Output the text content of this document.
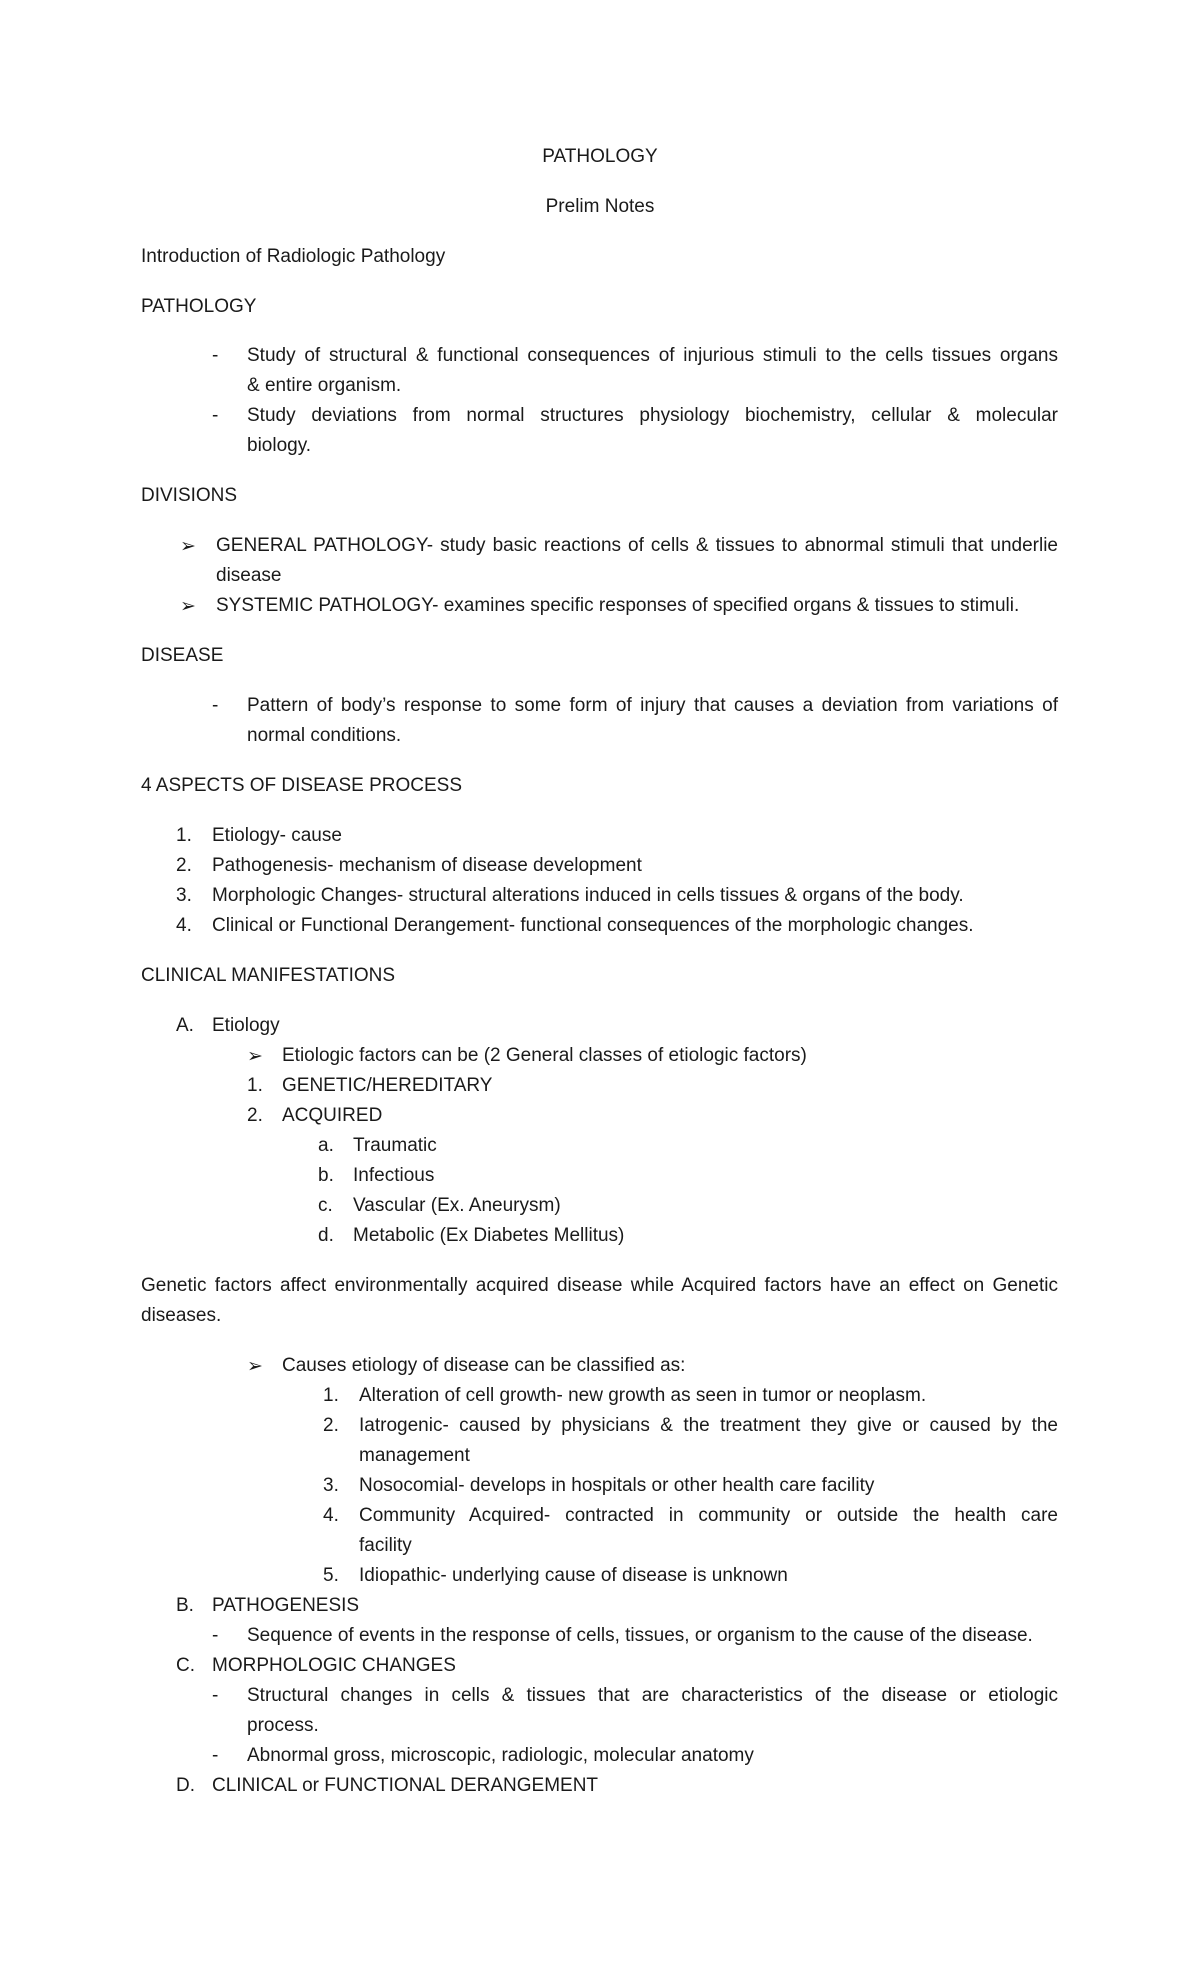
PATHOLOGY
Prelim Notes
Introduction of Radiologic Pathology
PATHOLOGY
- Study of structural & functional consequences of injurious stimuli to the cells tissues organs
& entire organism.
- Study deviations from normal structures physiology biochemistry, cellular & molecular
biology.
DIVISIONS
➢ GENERAL PATHOLOGY- study basic reactions of cells & tissues to abnormal stimuli that underlie
disease
➢ SYSTEMIC PATHOLOGY- examines specific responses of specified organs & tissues to stimuli.
DISEASE
- Pattern of body’s response to some form of injury that causes a deviation from variations of
normal conditions.
4 ASPECTS OF DISEASE PROCESS
1. Etiology- cause
2. Pathogenesis- mechanism of disease development
3. Morphologic Changes- structural alterations induced in cells tissues & organs of the body.
4. Clinical or Functional Derangement- functional consequences of the morphologic changes.
CLINICAL MANIFESTATIONS
A. Etiology
➢ Etiologic factors can be (2 General classes of etiologic factors)
1. GENETIC/HEREDITARY
2. ACQUIRED
a. Traumatic
b. Infectious
c. Vascular (Ex. Aneurysm)
d. Metabolic (Ex Diabetes Mellitus)
Genetic factors affect environmentally acquired disease while Acquired factors have an effect on Genetic
diseases.
➢ Causes etiology of disease can be classified as:
1. Alteration of cell growth- new growth as seen in tumor or neoplasm.
2. Iatrogenic- caused by physicians & the treatment they give or caused by the
management
3. Nosocomial- develops in hospitals or other health care facility
4. Community Acquired- contracted in community or outside the health care
facility
5. Idiopathic- underlying cause of disease is unknown
B. PATHOGENESIS
- Sequence of events in the response of cells, tissues, or organism to the cause of the disease.
C. MORPHOLOGIC CHANGES
- Structural changes in cells & tissues that are characteristics of the disease or etiologic
process.
- Abnormal gross, microscopic, radiologic, molecular anatomy
D. CLINICAL or FUNCTIONAL DERANGEMENT
